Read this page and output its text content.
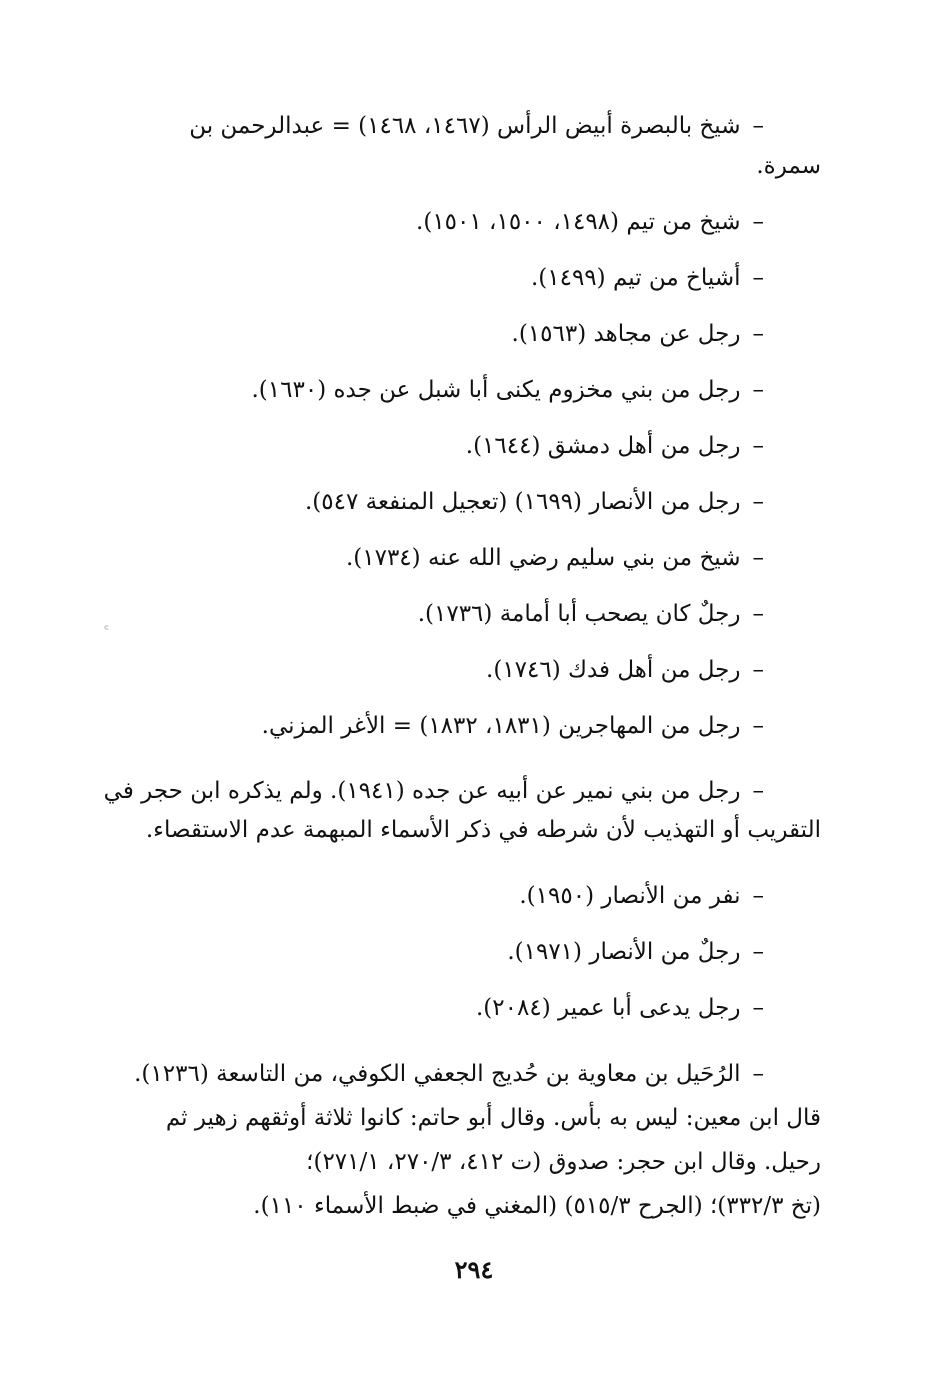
–شيخ بالبصرة أبيض الرأس (١٤٦٧، ١٤٦٨) = عبدالرحمن بن
سمرة.
–شيخ من تيم (١٤٩٨، ١٥٠٠، ١٥٠١).
–أشياخ من تيم (١٤٩٩).
–رجل عن مجاهد (١٥٦٣).
–رجل من بني مخزوم يكنى أبا شبل عن جده (١٦٣٠).
–رجل من أهل دمشق (١٦٤٤).
–رجل من الأنصار (١٦٩٩) (تعجيل المنفعة ٥٤٧).
–شيخ من بني سليم رضي الله عنه (١٧٣٤).
–رجلٌ كان يصحب أبا أمامة (١٧٣٦).
–رجل من أهل فدك (١٧٤٦).
–رجل من المهاجرين (١٨٣١، ١٨٣٢) = الأغر المزني.
–رجل من بني نمير عن أبيه عن جده (١٩٤١). ولم يذكره ابن حجر في
التقريب أو التهذيب لأن شرطه في ذكر الأسماء المبهمة عدم الاستقصاء.
–نفر من الأنصار (١٩٥٠).
–رجلٌ من الأنصار (١٩٧١).
–رجل يدعى أبا عمير (٢٠٨٤).
–الرُحَيل بن معاوية بن حُديج الجعفي الكوفي، من التاسعة (١٢٣٦).
قال ابن معين: ليس به بأس. وقال أبو حاتم: كانوا ثلاثة أوثقهم زهير ثم
رحيل. وقال ابن حجر: صدوق (ت ٤١٢، ٢٧٠/٣، ٢٧١/١)؛
(تخ ٣٣٢/٣)؛ (الجرح ٥١٥/٣) (المغني في ضبط الأسماء ١١٠).
꜀
٢٩٤
